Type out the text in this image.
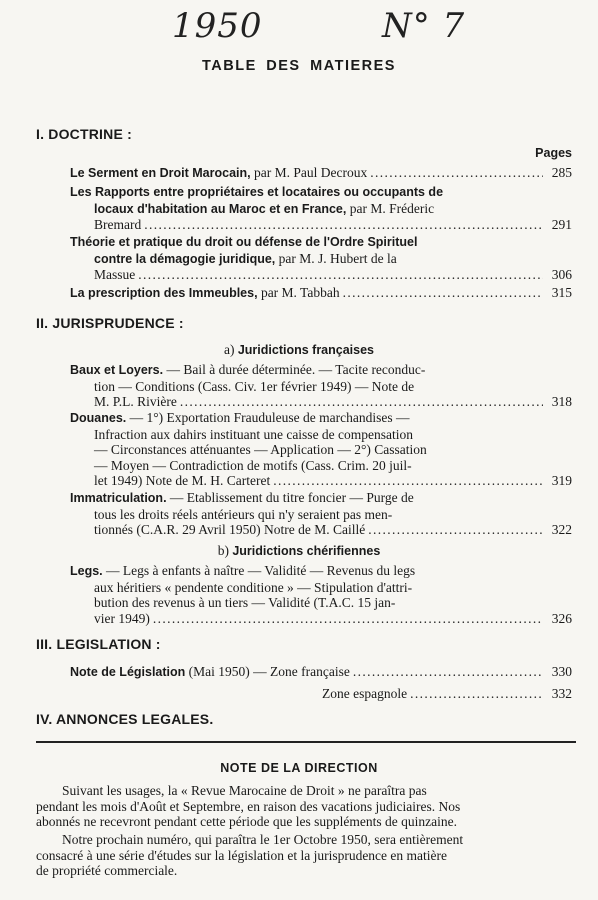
1950	N° 7
TABLE DES MATIERES
I. DOCTRINE :
Pages
Le Serment en Droit Marocain, par M. Paul Decroux . . .	285
Les Rapports entre propriétaires et locataires ou occupants de
locaux d'habitation au Maroc et en France, par M. Fréderic
Bremard . . .	291
Théorie et pratique du droit ou défense de l'Ordre Spirituel
contre la démagogie juridique, par M. J. Hubert de la
Massue . . .	306
La prescription des Immeubles, par M. Tabbah . . .	315
II. JURISPRUDENCE :
a) Juridictions françaises
Baux et Loyers. — Bail à durée déterminée. — Tacite reconduc-
tion — Conditions (Cass. Civ. 1er février 1949) — Note de
M. P.L. Rivière . . .	318
Douanes. — 1°) Exportation Frauduleuse de marchandises —
Infraction aux dahirs instituant une caisse de compensation
— Circonstances atténuantes — Application — 2°) Cassation
— Moyen — Contradiction de motifs (Cass. Crim. 20 juil-
let 1949) Note de M. H. Carteret . . .	319
Immatriculation. — Etablissement du titre foncier — Purge de
tous les droits réels antérieurs qui n'y seraient pas men-
tionnés (C.A.R. 29 Avril 1950) Notre de M. Caillé . . .	322
b) Juridictions chérifiennes
Legs. — Legs à enfants à naître — Validité — Revenus du legs
aux héritiers « pendente conditione » — Stipulation d'attri-
bution des revenus à un tiers — Validité (T.A.C. 15 jan-
vier 1949) . . .	326
III. LEGISLATION :
Note de Législation (Mai 1950) — Zone française . . .	330
Zone espagnole . . .	332
IV. ANNONCES LEGALES.
NOTE DE LA DIRECTION
Suivant les usages, la « Revue Marocaine de Droit » ne paraîtra pas
pendant les mois d'Août et Septembre, en raison des vacations judiciaires. Nos
abonnés ne recevront pendant cette période que les suppléments de quinzaine.
Notre prochain numéro, qui paraîtra le 1er Octobre 1950, sera entièrement
consacré à une série d'études sur la législation et la jurisprudence en matière
de propriété commerciale.
